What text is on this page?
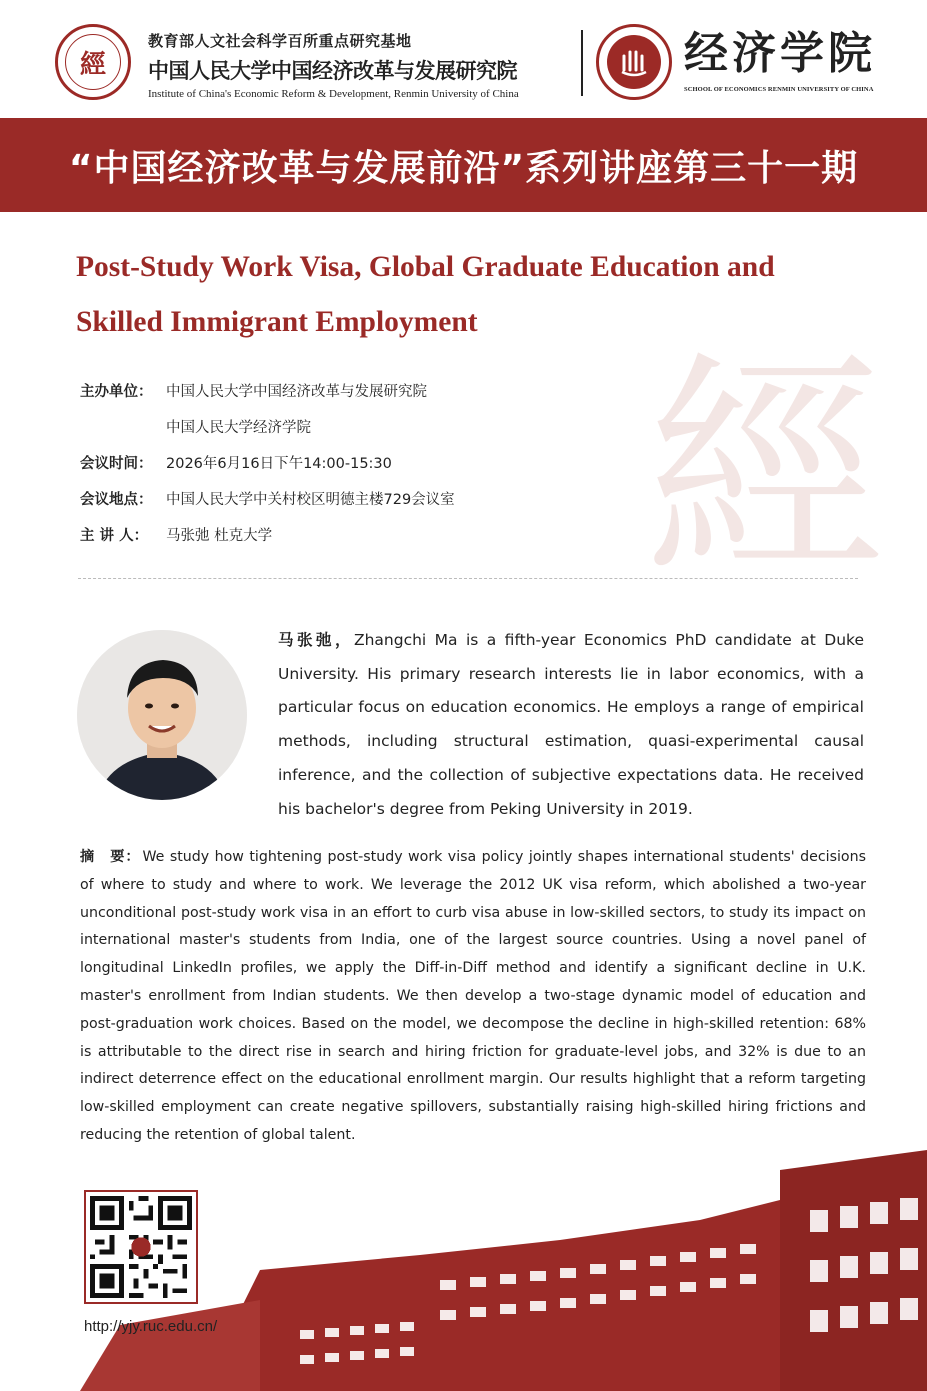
經
教育部人文社会科学百所重点研究基地
中国人民大学中国经济改革与发展研究院
Institute of China's Economic Reform & Development, Renmin University of China
经济学院
SCHOOL OF ECONOMICS RENMIN UNIVERSITY OF CHINA
“中国经济改革与发展前沿”系列讲座第三十一期
經
Post-Study Work Visa, Global Graduate Education and
Skilled Immigrant Employment
主办单位： 中国人民大学中国经济改革与发展研究院
中国人民大学经济学院
会议时间： 2026年6月16日下午14:00-15:30
会议地点： 中国人民大学中关村校区明德主楼729会议室
主 讲 人：	马张弛 杜克大学
马张弛，Zhangchi Ma is a fifth-year Economics PhD candidate at Duke University. His primary research interests lie in labor economics, with a particular focus on education economics. He employs a range of empirical methods, including structural estimation, quasi-experimental causal inference, and the collection of subjective expectations data. He received his bachelor's degree from Peking University in 2019.
摘　要： We study how tightening post-study work visa policy jointly shapes international students' decisions of where to study and where to work. We leverage the 2012 UK visa reform, which abolished a two-year unconditional post-study work visa in an effort to curb visa abuse in low-skilled sectors, to study its impact on international master's students from India, one of the largest source countries. Using a novel panel of longitudinal LinkedIn profiles, we apply the Diff-in-Diff method and identify a significant decline in U.K. master's enrollment from Indian students. We then develop a two-stage dynamic model of education and post-graduation work choices. Based on the model, we decompose the decline in high-skilled retention: 68% is attributable to the direct rise in search and hiring friction for graduate-level jobs, and 32% is due to an indirect deterrence effect on the educational enrollment margin. Our results highlight that a reform targeting low-skilled employment can create negative spillovers, substantially raising high-skilled hiring frictions and reducing the retention of global talent.
http://yjy.ruc.edu.cn/
